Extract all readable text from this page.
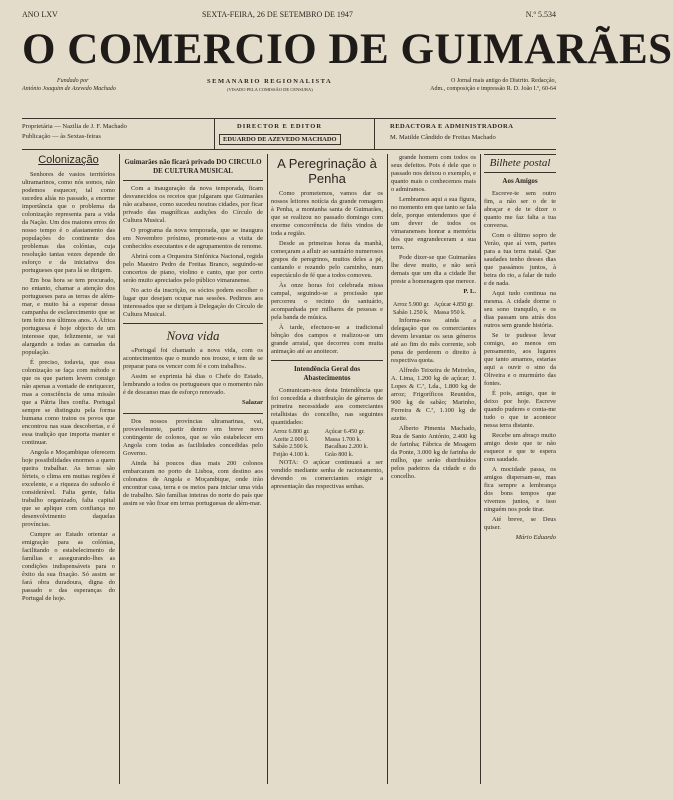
ANO LXV	SEXTA-FEIRA, 26 DE SETEMBRO DE 1947	N.º 5.534
O COMERCIO DE GUIMARÃES
Fundado por
António Joaquim de Azevedo Machado
SEMANARIO REGIONALISTA
(VISADO PELA COMISSÃO DE CENSURA)
O Jornal mais antigo do Distrito. Redacção,
Adm., composição e impressão R. D. João I.º, 60-64
Proprietária — Nazilia de J. F. Machado
Publicação — às Sextas-feiras
DIRECTOR E EDITOR
EDUARDO DE AZEVEDO MACHADO
REDACTORA E ADMINISTRADORA
M. Matilde Cândido de Freitas Machado
Colonização

Senhores de vastos territórios ultramarinos, como nós somos, não podemos esquecer, tal como sucedeu aliás no passado, a enorme importância que o problema da colonização representa para a vida da Nação. Um dos maiores erros do nosso tempo é o afastamento das populações do continente dos problemas das colónias, cuja resolução tantas vezes depende do esforço e da iniciativa dos portugueses que para lá se dirigem.

Em boa hora se tem procurado, no entanto, chamar a atenção dos portugueses para as terras de além-mar, e muito há a esperar dessa campanha de esclarecimento que se tem feito nos últimos anos. A África portuguesa é hoje objecto de um interesse que, felizmente, se vai alargando a todas as camadas da população.

É preciso, todavia, que essa colonização se faça com método e que os que partem levem consigo não apenas a vontade de enriquecer, mas a consciência de uma missão que a Pátria lhes confia. Portugal sempre se distinguiu pela forma humana como tratou os povos que encontrou nas suas descobertas, e é essa tradição que importa manter e continuar.

Angola e Moçambique oferecem hoje possibilidades enormes a quem queira trabalhar. As terras são férteis, o clima em muitas regiões é excelente, e a riqueza do subsolo é considerável. Falta gente, falta trabalho organizado, falta capital que se aplique com confiança no desenvolvimento daquelas províncias.

Cumpre ao Estado orientar a emigração para as colónias, facilitando o estabelecimento de famílias e assegurando-lhes as condições indispensáveis para o êxito da sua fixação. Só assim se fará obra duradoura, digna do passado e das esperanças do Portugal de hoje.

Guimarães não ficará privado DO CIRCULO DE CULTURA MUSICAL

Com a inauguração da nova temporada, ficam desvanecidos os receios que julgaram que Guimarães não acabasse, como sucedeu noutras cidades, por ficar privado das magníficas audições do Círculo de Cultura Musical.

O programa da nova temporada, que se inaugura em Novembro próximo, promete-nos a visita de conhecidos executantes e de agrupamentos de renome.

Abrirá com a Orquestra Sinfónica Nacional, regida pelo Maestro Pedro de Freitas Branco, seguindo-se concertos de piano, violino e canto, que por certo serão muito apreciados pelo público vimaranense.

No acto da inscrição, os sócios podem escolher o lugar que desejam ocupar nas sessões. Pedimos aos interessados que se dirijam à Delegação do Círculo de Cultura Musical.

Nova vida

«Portugal foi chamado a nova vida, com os acontecimentos que o mundo nos trouxe, e tem de se preparar para os vencer com fé e com trabalho».

Assim se exprimia há dias o Chefe do Estado, lembrando a todos os portugueses que o momento não é de descanso mas de esforço renovado.

Salazar

Dos nossos províncias ultramarinas, vai, provavelmente, partir dentro em breve novo contingente de colonos, que se vão estabelecer em Angola com todas as facilidades concedidas pelo Governo.

Ainda há poucos dias mais 200 colonos embarcaram no porto de Lisboa, com destino aos colonatos de Angola e Moçambique, onde irão encontrar casa, terra e os meios para iniciar uma vida de trabalho. São famílias inteiras do norte do país que assim se vão fixar em terras portuguesas de além-mar.

A Peregrinação à Penha

Como prometemos, vamos dar os nossos leitores notícia da grande romagem à Penha, a montanha santa de Guimarães, que se realizou no passado domingo com enorme concorrência de fiéis vindos de toda a região.

Desde as primeiras horas da manhã, começaram a afluir ao santuário numerosos grupos de peregrinos, muitos deles a pé, cantando e rezando pelo caminho, num espectáculo de fé que a todos comoveu.

Às onze horas foi celebrada missa campal, seguindo-se a procissão que percorreu o recinto do santuário, acompanhada por milhares de pessoas e pela banda de música.

À tarde, efectuou-se a tradicional bênção dos campos e realizou-se um grande arraial, que decorreu com muita animação até ao anoitecer.

Intendência Geral dos Abastecimentos

Comunicam-nos desta Intendência que foi concedida a distribuição de géneros de primeira necessidade aos comerciantes retalhistas do concelho, nas seguintes quantidades:

Arroz 6.800 gr.	Açúcar 6.450 gr.
Azeite 2.000 l.	Massa 1.700 k.
Sabão 2.500 k.	Bacalhau 2.200 k.
Feijão 4.100 k.	Grão 800 k.

NOTA: O açúcar continuará a ser vendido mediante senha de racionamento, devendo os comerciantes exigir a apresentação das respectivas senhas.

grande homem com todos os seus defeitos. Pois é dele que o passado nos deixou o exemplo, e quanto mais o conhecemos mais o admiramos.

Lembramos aqui a sua figura, no momento em que tanto se fala dele, porque entendemos que é um dever de todos os vimaranenses honrar a memória dos que engrandeceram a sua terra.

Pode dizer-se que Guimarães lhe deve muito, e não será demais que um dia a cidade lhe preste a homenagem que merece.

P. L.
Arroz 5.900 gr.	Açúcar 4.850 gr.
Sabão 1.250 k.	Massa 950 k.

Informa-nos ainda a delegação que os comerciantes devem levantar os seus géneros até ao fim do mês corrente, sob pena de perderem o direito à respectiva quota.

Alfredo Teixeira de Meireles, A. Lima, 1.200 kg de açúcar; J. Lopes & C.ª, Lda., 1.800 kg de arroz; Frigoríficos Reunidos, 900 kg de sabão; Marinho, Ferreira & C.ª, 1.100 kg de azeite.

Alberto Pimenta Machado, Rua de Santo António, 2.400 kg de farinha; Fábrica de Moagem da Ponte, 3.000 kg de farinha de milho, que serão distribuídos pelos padeiros da cidade e do concelho.

Bilhete postal
Aos Amigos

Escreve-te sem outro fim, a não ser o de te abraçar e de te dizer o quanto me faz falta a tua conversa.

Com o último sopro de Verão, que aí vem, partes para a tua terra natal. Que saudades tenho desses dias que passámos juntos, à beira do rio, a falar de tudo e de nada.

Aqui tudo continua na mesma. A cidade dorme o seu sono tranquilo, e os dias passam uns atrás dos outros sem grande história.

Se te pudesse levar comigo, ao menos em pensamento, aos lugares que tanto amamos, estarias aqui a ouvir o sino da Oliveira e o murmúrio das fontes.

É pois, amigo, que te deixo por hoje. Escreve quando puderes e conta-me tudo o que te acontece nessa terra distante.

Recebe um abraço muito amigo deste que te não esquece e que te espera com saudade.

A mocidade passa, os amigos dispersam-se, mas fica sempre a lembrança dos bons tempos que vivemos juntos, e isso ninguém nos pode tirar.

Até breve, se Deus quiser.

Mário Eduardo
